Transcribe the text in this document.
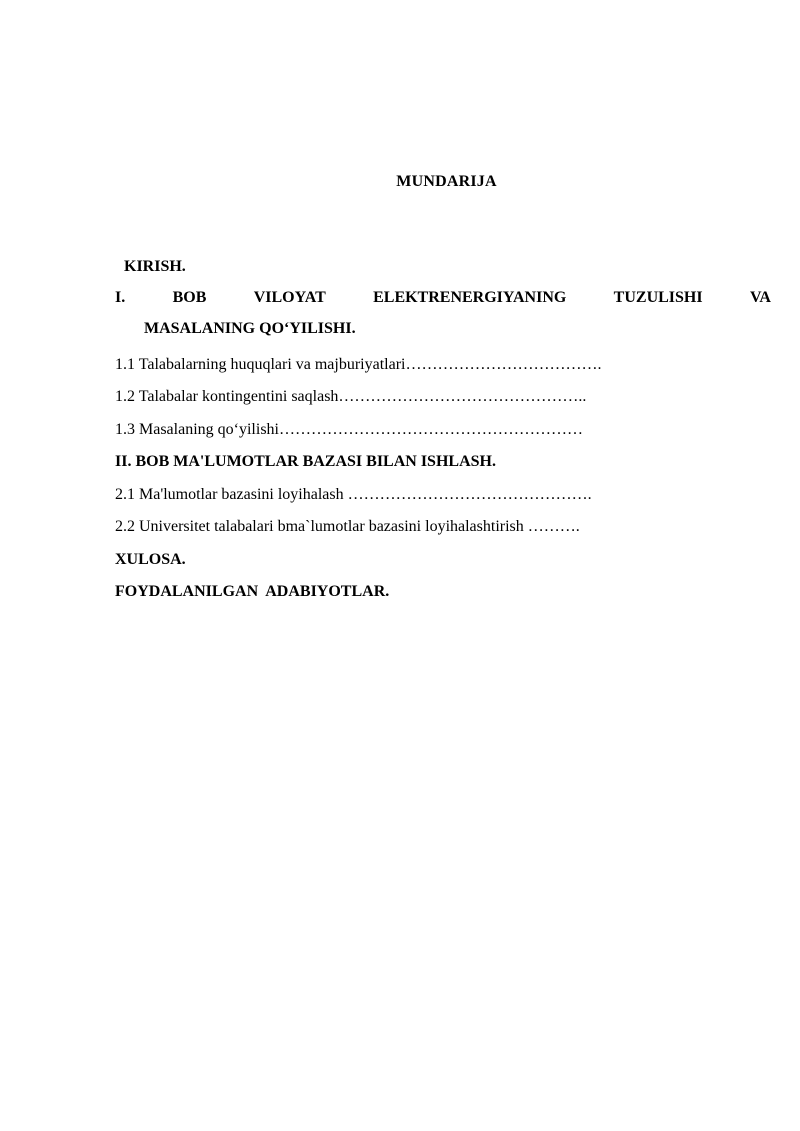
MUNDARIJA
KIRISH.
I.	BOB	VILOYAT	ELEKTRENERGIYANING	TUZULISHI	VA
MASALANING QO‘YILISHI.
1.1 Talabalarning huquqlari va majburiyatlari……………………………….
1.2 Talabalar kontingentini saqlash………………………………………..
1.3 Masalaning qo‘yilishi…………………………………………………
II. BOB MA'LUMOTLAR BAZASI BILAN ISHLASH.
2.1 Ma'lumotlar bazasini loyihalash ……………………………………….
2.2 Universitet talabalari bma`lumotlar bazasini loyihalashtirish ……….
XULOSA.
FOYDALANILGAN  ADABIYOTLAR.
